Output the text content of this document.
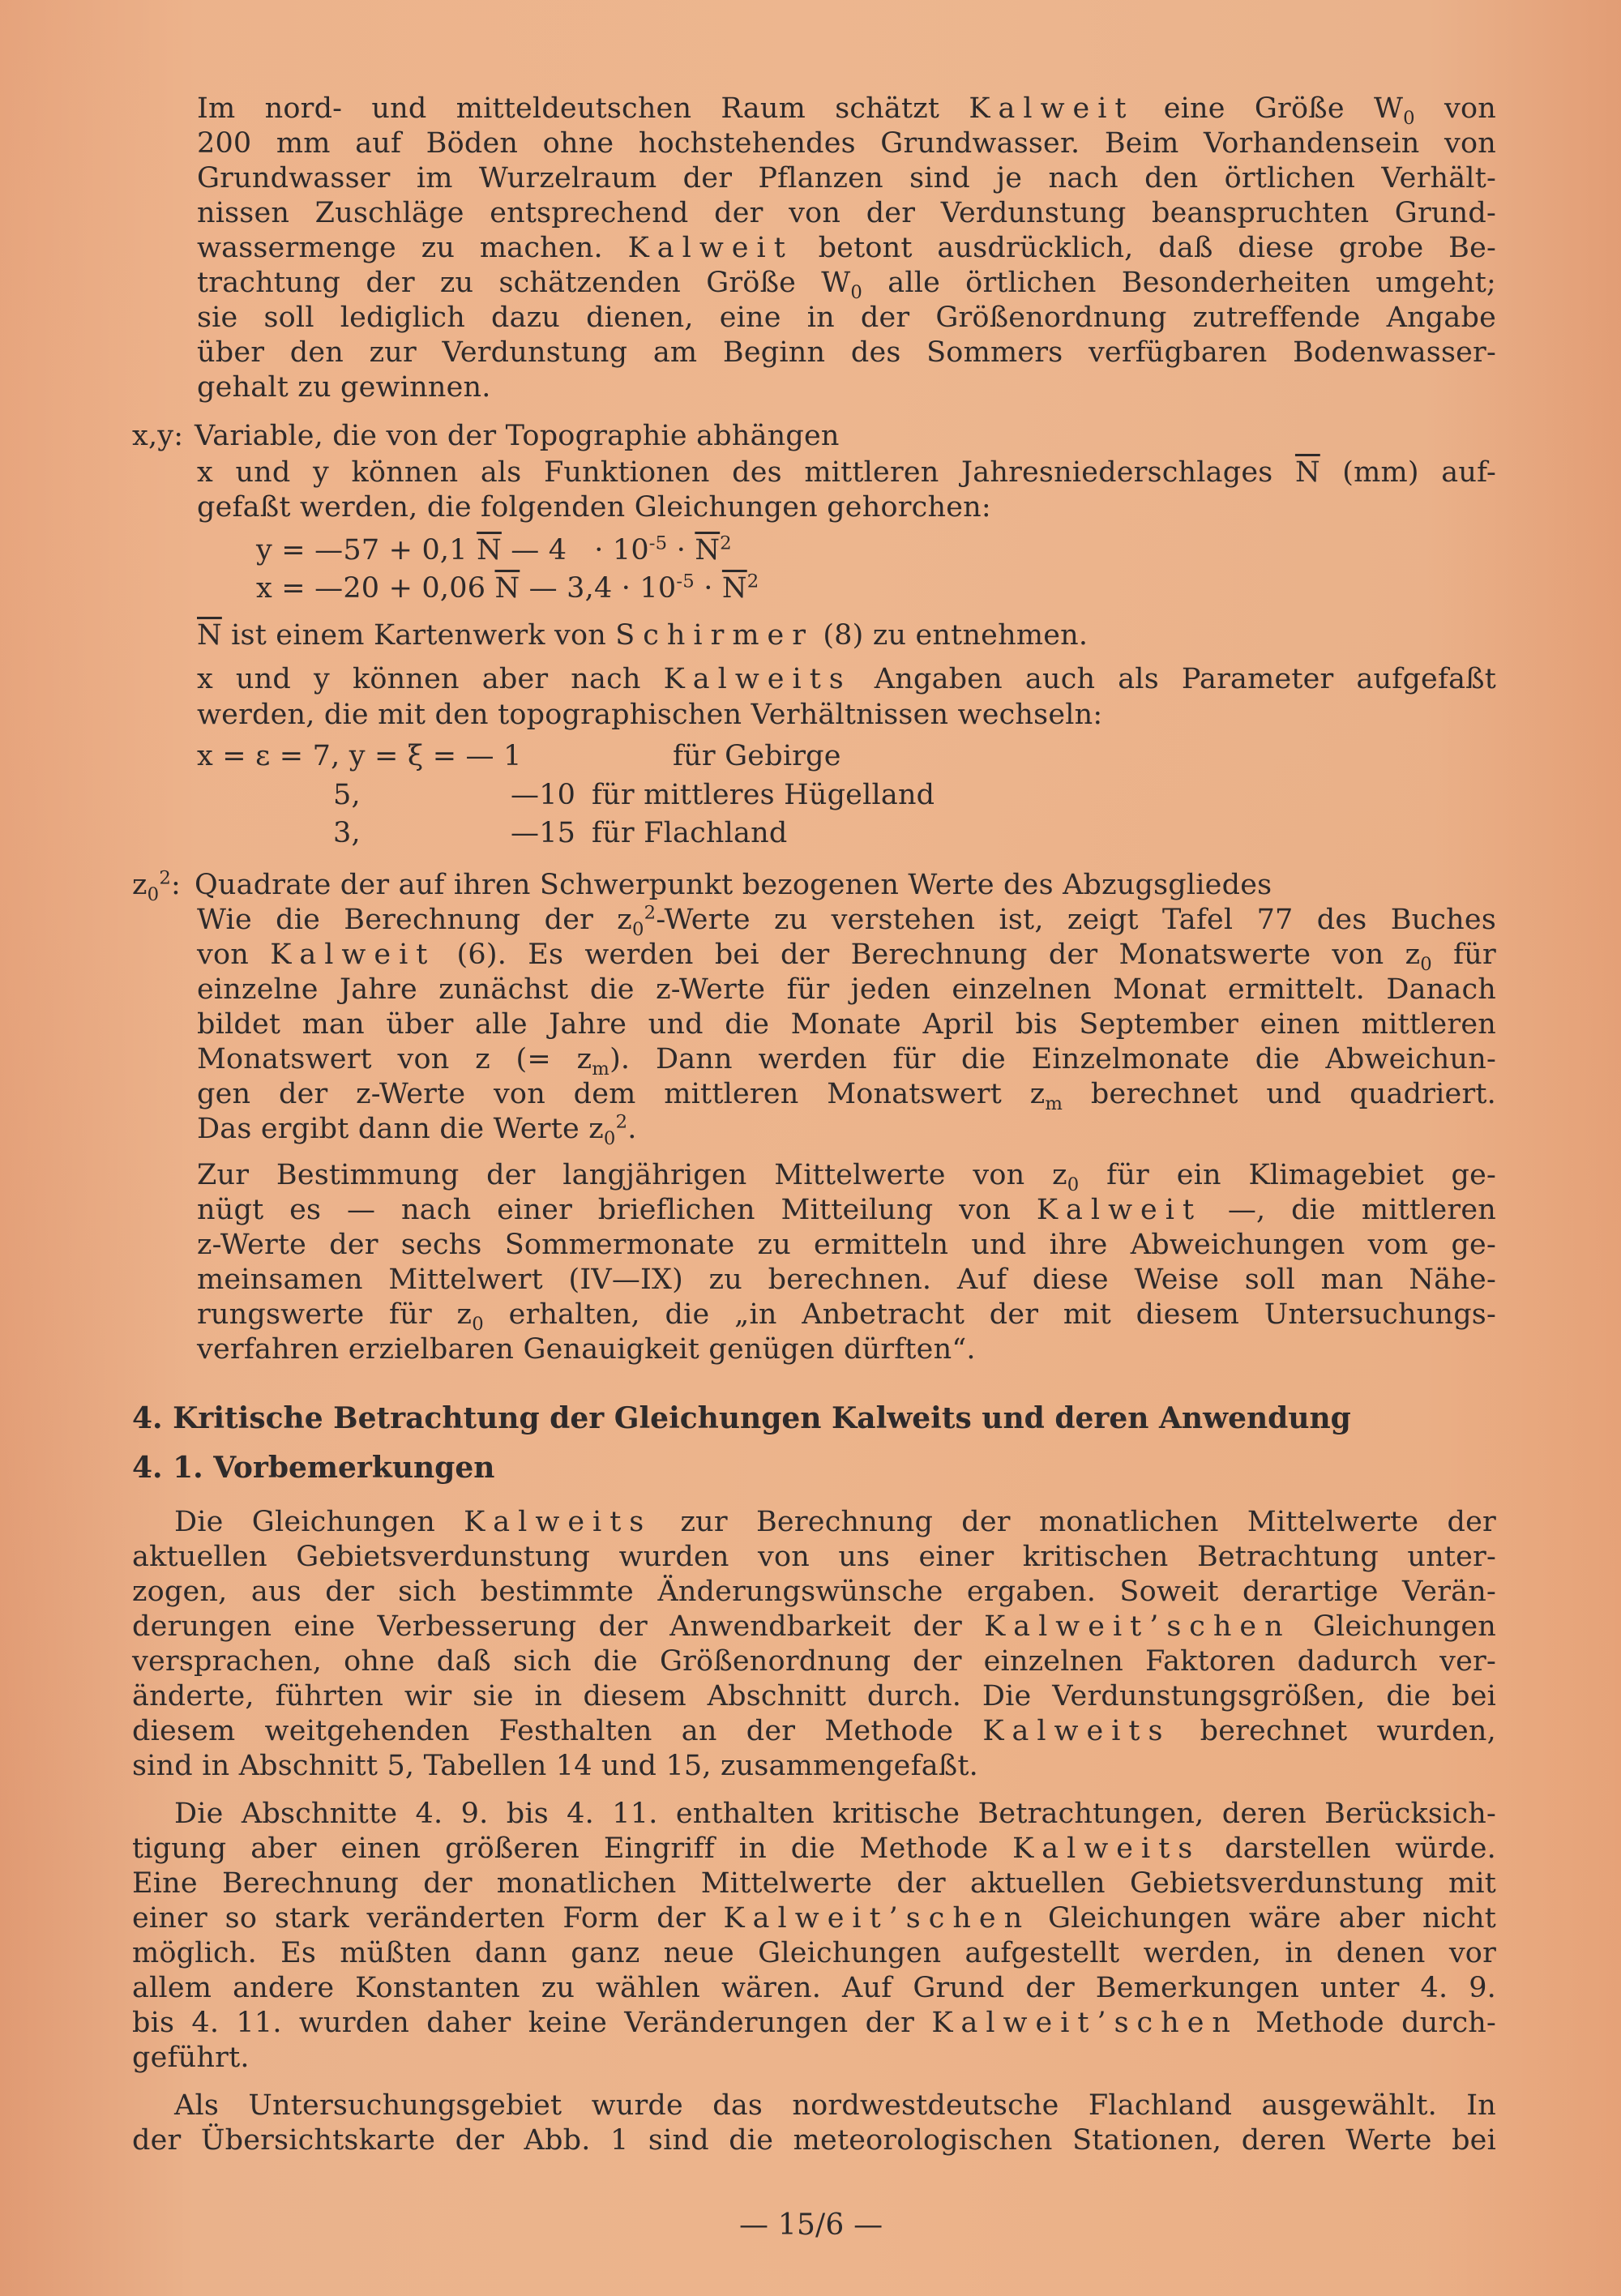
Im nord- und mitteldeutschen Raum schätzt Kalweit eine Größe $W_0$ von

200 mm auf Böden ohne hochstehendes Grundwasser. Beim Vorhandensein von

Grundwasser im Wurzelraum der Pflanzen sind je nach den örtlichen Verhält-

nissen Zuschläge entsprechend der von der Verdunstung beanspruchten Grund-

wassermenge zu machen. Kalweit betont ausdrücklich, daß diese grobe Be-

trachtung der zu schätzenden Größe $W_0$ alle örtlichen Besonderheiten umgeht;

sie soll lediglich dazu dienen, eine in der Größenordnung zutreffende Angabe

über den zur Verdunstung am Beginn des Sommers verfügbaren Bodenwasser-

gehalt zu gewinnen.

x,y: Variable, die von der Topographie abhängen

x und y können als Funktionen des mittleren Jahresniederschlages $\overline{N}$ (mm) auf-

gefaßt werden, die folgenden Gleichungen gehorchen:

y = —57 + 0,1 $\overline{N}$ — $4 \cdot 10^{-5} \cdot \overline{N}^2$

x = —20 + 0,06 $\overline{N}$ — $3,4 \cdot 10^{-5} \cdot \overline{N}^2$

$\overline{N}$ ist einem Kartenwerk von Schirmer (8) zu entnehmen.

x und y können aber nach Kalweits Angaben auch als Parameter aufgefaßt

werden, die mit den topographischen Verhältnissen wechseln:

x = ε = 7, y = ξ = — 1	für Gebirge

5,	—10 für mittleres Hügelland

3,	—15 für Flachland

$z_0^2$: Quadrate der auf ihren Schwerpunkt bezogenen Werte des Abzugsgliedes

Wie die Berechnung der $z_0^2$-Werte zu verstehen ist, zeigt Tafel 77 des Buches

von Kalweit (6). Es werden bei der Berechnung der Monatswerte von $z_0$ für

einzelne Jahre zunächst die z-Werte für jeden einzelnen Monat ermittelt. Danach

bildet man über alle Jahre und die Monate April bis September einen mittleren

Monatswert von z (= $z_m$). Dann werden für die Einzelmonate die Abweichun-

gen der z-Werte von dem mittleren Monatswert $z_m$ berechnet und quadriert.

Das ergibt dann die Werte $z_0^2$.

Zur Bestimmung der langjährigen Mittelwerte von $z_0$ für ein Klimagebiet ge-

nügt es — nach einer brieflichen Mitteilung von Kalweit —, die mittleren

z-Werte der sechs Sommermonate zu ermitteln und ihre Abweichungen vom ge-

meinsamen Mittelwert (IV—IX) zu berechnen. Auf diese Weise soll man Nähe-

rungswerte für $z_0$ erhalten, die „in Anbetracht der mit diesem Untersuchungs-

verfahren erzielbaren Genauigkeit genügen dürften“.

4. Kritische Betrachtung der Gleichungen Kalweits und deren Anwendung
4. 1. Vorbemerkungen

Die Gleichungen Kalweits zur Berechnung der monatlichen Mittelwerte der

aktuellen Gebietsverdunstung wurden von uns einer kritischen Betrachtung unter-

zogen, aus der sich bestimmte Änderungswünsche ergaben. Soweit derartige Verän-

derungen eine Verbesserung der Anwendbarkeit der Kalweit’schen Gleichungen

versprachen, ohne daß sich die Größenordnung der einzelnen Faktoren dadurch ver-

änderte, führten wir sie in diesem Abschnitt durch. Die Verdunstungsgrößen, die bei

diesem weitgehenden Festhalten an der Methode Kalweits berechnet wurden,

sind in Abschnitt 5, Tabellen 14 und 15, zusammengefaßt.

Die Abschnitte 4. 9. bis 4. 11. enthalten kritische Betrachtungen, deren Berücksich-

tigung aber einen größeren Eingriff in die Methode Kalweits darstellen würde.

Eine Berechnung der monatlichen Mittelwerte der aktuellen Gebietsverdunstung mit

einer so stark veränderten Form der Kalweit’schen Gleichungen wäre aber nicht

möglich. Es müßten dann ganz neue Gleichungen aufgestellt werden, in denen vor

allem andere Konstanten zu wählen wären. Auf Grund der Bemerkungen unter 4. 9.

bis 4. 11. wurden daher keine Veränderungen der Kalweit’schen Methode durch-

geführt.

Als Untersuchungsgebiet wurde das nordwestdeutsche Flachland ausgewählt. In

der Übersichtskarte der Abb. 1 sind die meteorologischen Stationen, deren Werte bei

— 15/6 —
